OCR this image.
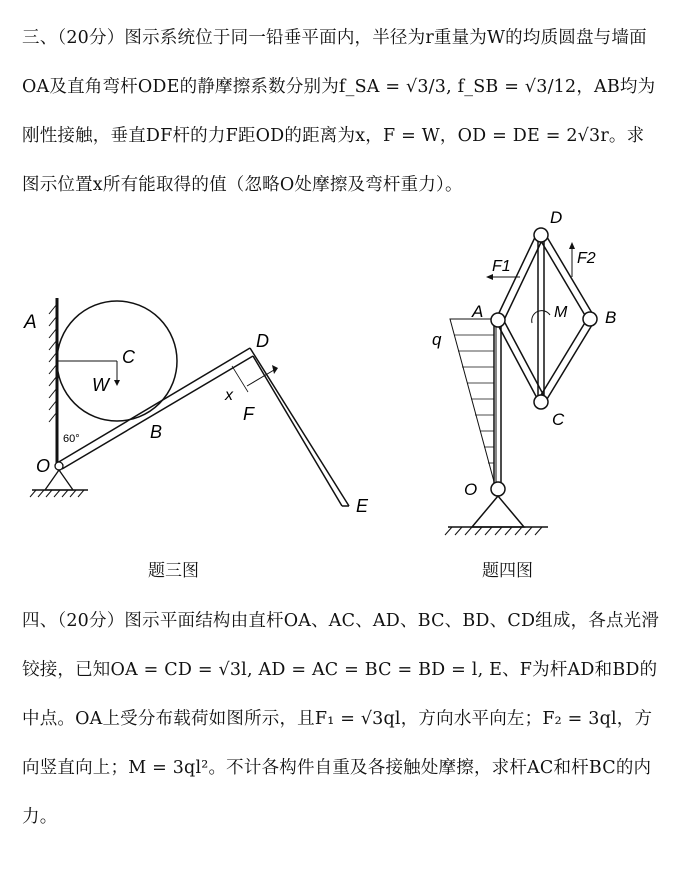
三、（20分）图示系统位于同一铅垂平面内，半径为r重量为W的均质圆盘与墙面OA及直角弯杆ODE的静摩擦系数分别为f_SA = √3/3, f_SB = √3/12，AB均为刚性接触，垂直DF杆的力F距OD的距离为x，F = W，OD = DE = 2√3r。求图示位置x所有能取得的值（忽略O处摩擦及弯杆重力）。
A
C
W
B
D
x
F
E
O
60°
题三图
D
F2
F1
A	M B
q
C
O
题四图
四、（20分）图示平面结构由直杆OA、AC、AD、BC、BD、CD组成，各点光滑铰接，已知OA = CD = √3l, AD = AC = BC = BD = l, E、F为杆AD和BD的中点。OA上受分布载荷如图所示，且F₁ = √3ql，方向水平向左；F₂ = 3ql，方向竖直向上；M = 3ql²。不计各构件自重及各接触处摩擦，求杆AC和杆BC的内力。
